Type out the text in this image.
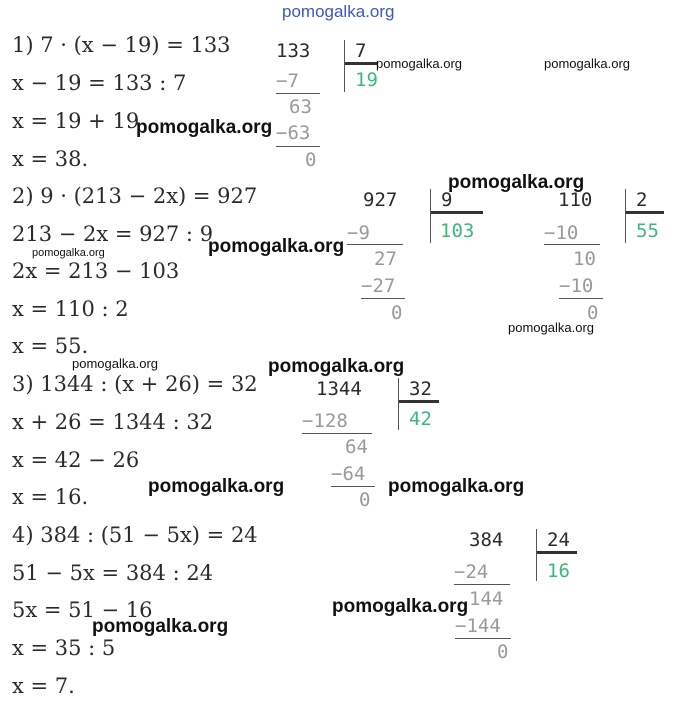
pomogalka.org
1) 7 · (x − 19) = 133
x − 19 = 133 : 7
x = 19 + 19
x = 38.
2) 9 · (213 − 2x) = 927
213 − 2x = 927 : 9
2x = 213 − 103
x = 110 : 2
x = 55.
3) 1344 : (x + 26) = 32
x + 26 = 1344 : 32
x = 42 − 26
x = 16.
4) 384 : (51 − 5x) = 24
51 − 5x = 384 : 24
5x = 51 − 16
x = 35 : 5
x = 7.
133 7
19
−7
63
−63
0
927 9
103
−9
27
−27
0
110 2
55
−10
10
−10
0
1344 32
42
−128
64
−64
0
384 24
16
−24
144
−144
0
pomogalka.org	pomogalka.org
pomogalka.org
pomogalka.org
pomogalka.org
pomogalka.org
pomogalka.org
pomogalka.org	pomogalka.org
pomogalka.org	pomogalka.org
pomogalka.org
pomogalka.org
